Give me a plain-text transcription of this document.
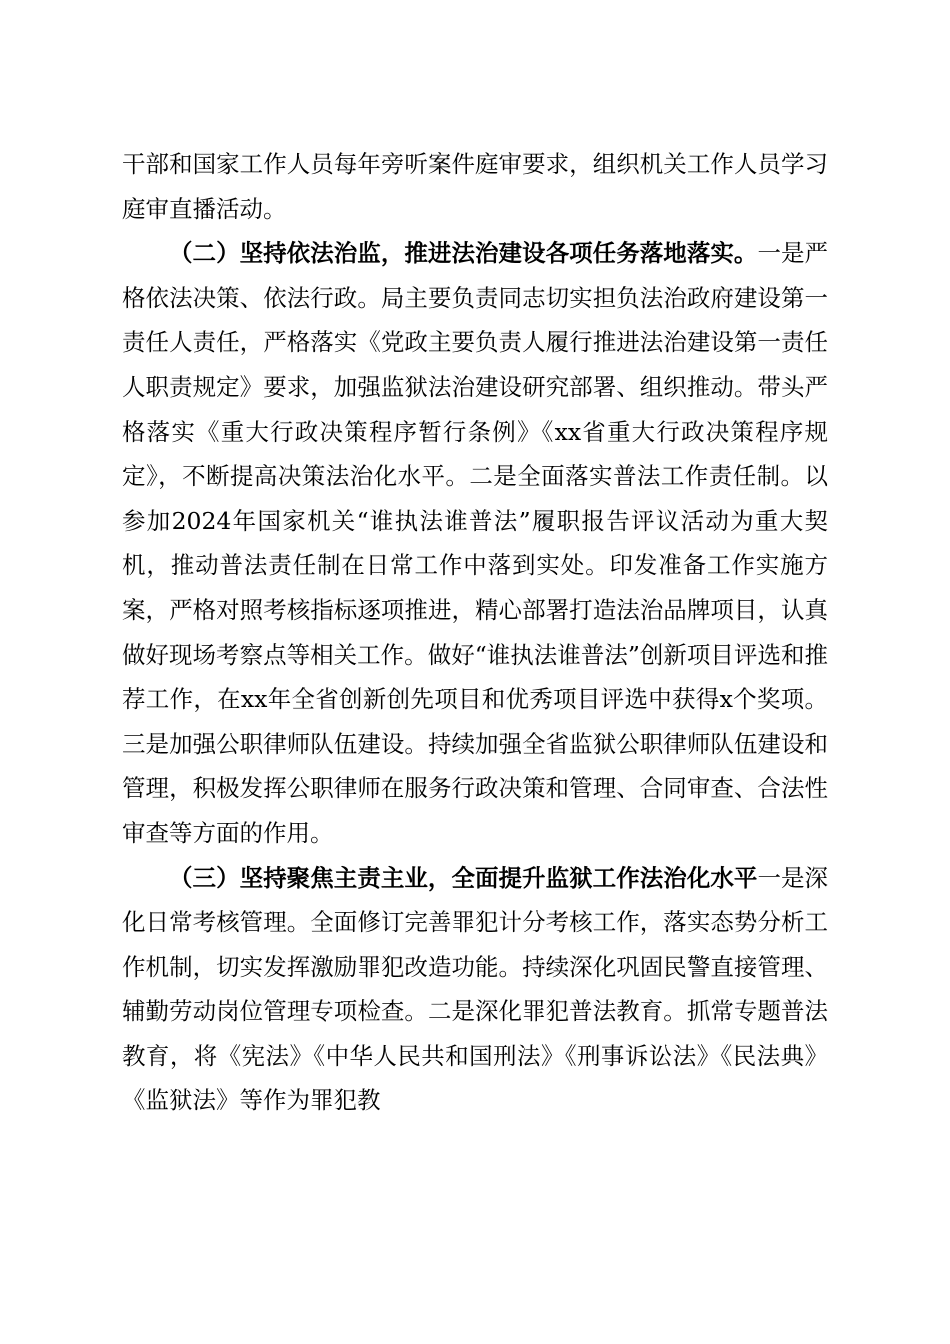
干部和国家工作人员每年旁听案件庭审要求，组织机关工作人员学习庭审直播活动。

（二）坚持依法治监，推进法治建设各项任务落地落实。一是严格依法决策、依法行政。局主要负责同志切实担负法治政府建设第一责任人责任，严格落实《党政主要负责人履行推进法治建设第一责任人职责规定》要求，加强监狱法治建设研究部署、组织推动。带头严格落实《重大行政决策程序暂行条例》《xx省重大行政决策程序规定》，不断提高决策法治化水平。二是全面落实普法工作责任制。以参加2024年国家机关“谁执法谁普法”履职报告评议活动为重大契机，推动普法责任制在日常工作中落到实处。印发准备工作实施方案，严格对照考核指标逐项推进，精心部署打造法治品牌项目，认真做好现场考察点等相关工作。做好“谁执法谁普法”创新项目评选和推荐工作，在xx年全省创新创先项目和优秀项目评选中获得x个奖项。三是加强公职律师队伍建设。持续加强全省监狱公职律师队伍建设和管理，积极发挥公职律师在服务行政决策和管理、合同审查、合法性审查等方面的作用。

（三）坚持聚焦主责主业，全面提升监狱工作法治化水平一是深化日常考核管理。全面修订完善罪犯计分考核工作，落实态势分析工作机制，切实发挥激励罪犯改造功能。持续深化巩固民警直接管理、辅勤劳动岗位管理专项检查。二是深化罪犯普法教育。抓常专题普法教育，将《宪法》《中华人民共和国刑法》《刑事诉讼法》《民法典》《监狱法》等作为罪犯教
